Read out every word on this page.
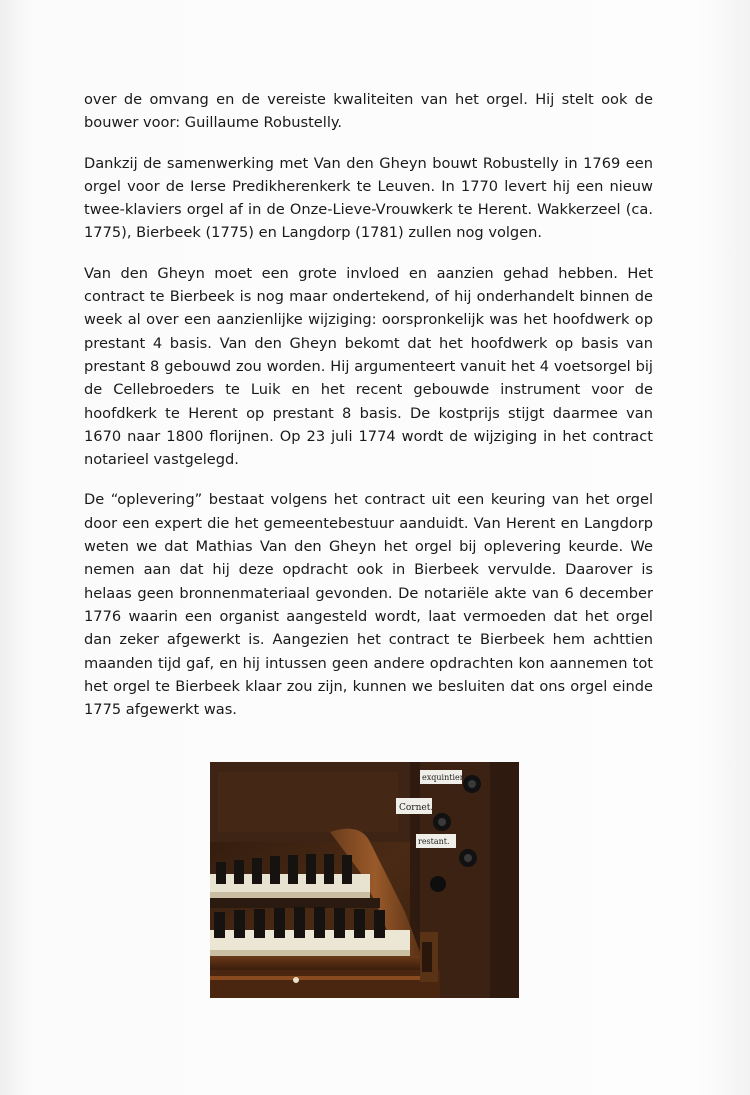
over de omvang en de vereiste kwaliteiten van het orgel. Hij stelt ook de bouwer voor: Guillaume Robustelly.

Dankzij de samenwerking met Van den Gheyn bouwt Robustelly in 1769 een orgel voor de Ierse Predikherenkerk te Leuven. In 1770 levert hij een nieuw twee-klaviers orgel af in de Onze-Lieve-Vrouwkerk te Herent. Wakkerzeel (ca. 1775), Bierbeek (1775) en Langdorp (1781) zullen nog volgen.

Van den Gheyn moet een grote invloed en aanzien gehad hebben. Het contract te Bierbeek is nog maar ondertekend, of hij onderhandelt binnen de week al over een aanzienlijke wijziging: oorspronkelijk was het hoofdwerk op prestant 4 basis. Van den Gheyn bekomt dat het hoofdwerk op basis van prestant 8 gebouwd zou worden. Hij argumenteert vanuit het 4 voetsorgel bij de Cellebroeders te Luik en het recent gebouwde instrument voor de hoofdkerk te Herent op prestant 8 basis. De kostprijs stijgt daarmee van 1670 naar 1800 florijnen. Op 23 juli 1774 wordt de wijziging in het contract notarieel vastgelegd.

De “oplevering” bestaat volgens het contract uit een keuring van het orgel door een expert die het gemeentebestuur aanduidt. Van Herent en Langdorp weten we dat Mathias Van den Gheyn het orgel bij oplevering keurde. We nemen aan dat hij deze opdracht ook in Bierbeek vervulde. Daarover is helaas geen bronnenmateriaal gevonden. De notariële akte van 6 december 1776 waarin een organist aangesteld wordt, laat vermoeden dat het orgel dan zeker afgewerkt is. Aangezien het contract te Bierbeek hem achttien maanden tijd gaf, en hij intussen geen andere opdrachten kon aannemen tot het orgel te Bierbeek klaar zou zijn, kunnen we besluiten dat ons orgel einde 1775 afgewerkt was.

exquintier.
Cornet.
restant.
